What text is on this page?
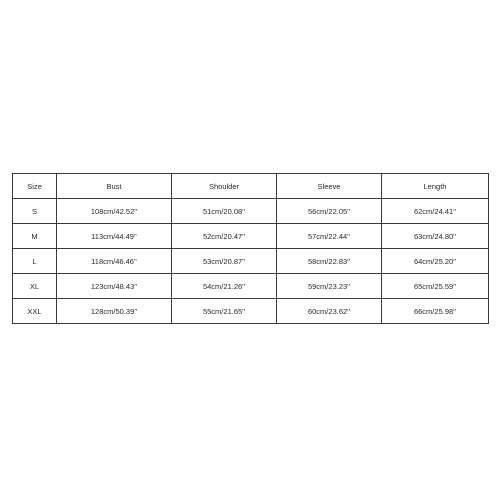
Size	Bust	Shoulder	Sleeve	Length
S	108cm/42.52''	51cm/20.08''	56cm/22.05''	62cm/24.41''
M	113cm/44.49''	52cm/20.47''	57cm/22.44''	63cm/24.80''
L	118cm/46.46''	53cm/20.87''	58cm/22.83''	64cm/25.20''
XL	123cm/48.43''	54cm/21.26''	59cm/23.23''	65cm/25.59''
XXL	128cm/50.39''	55cm/21.65''	60cm/23.62''	66cm/25.98''
